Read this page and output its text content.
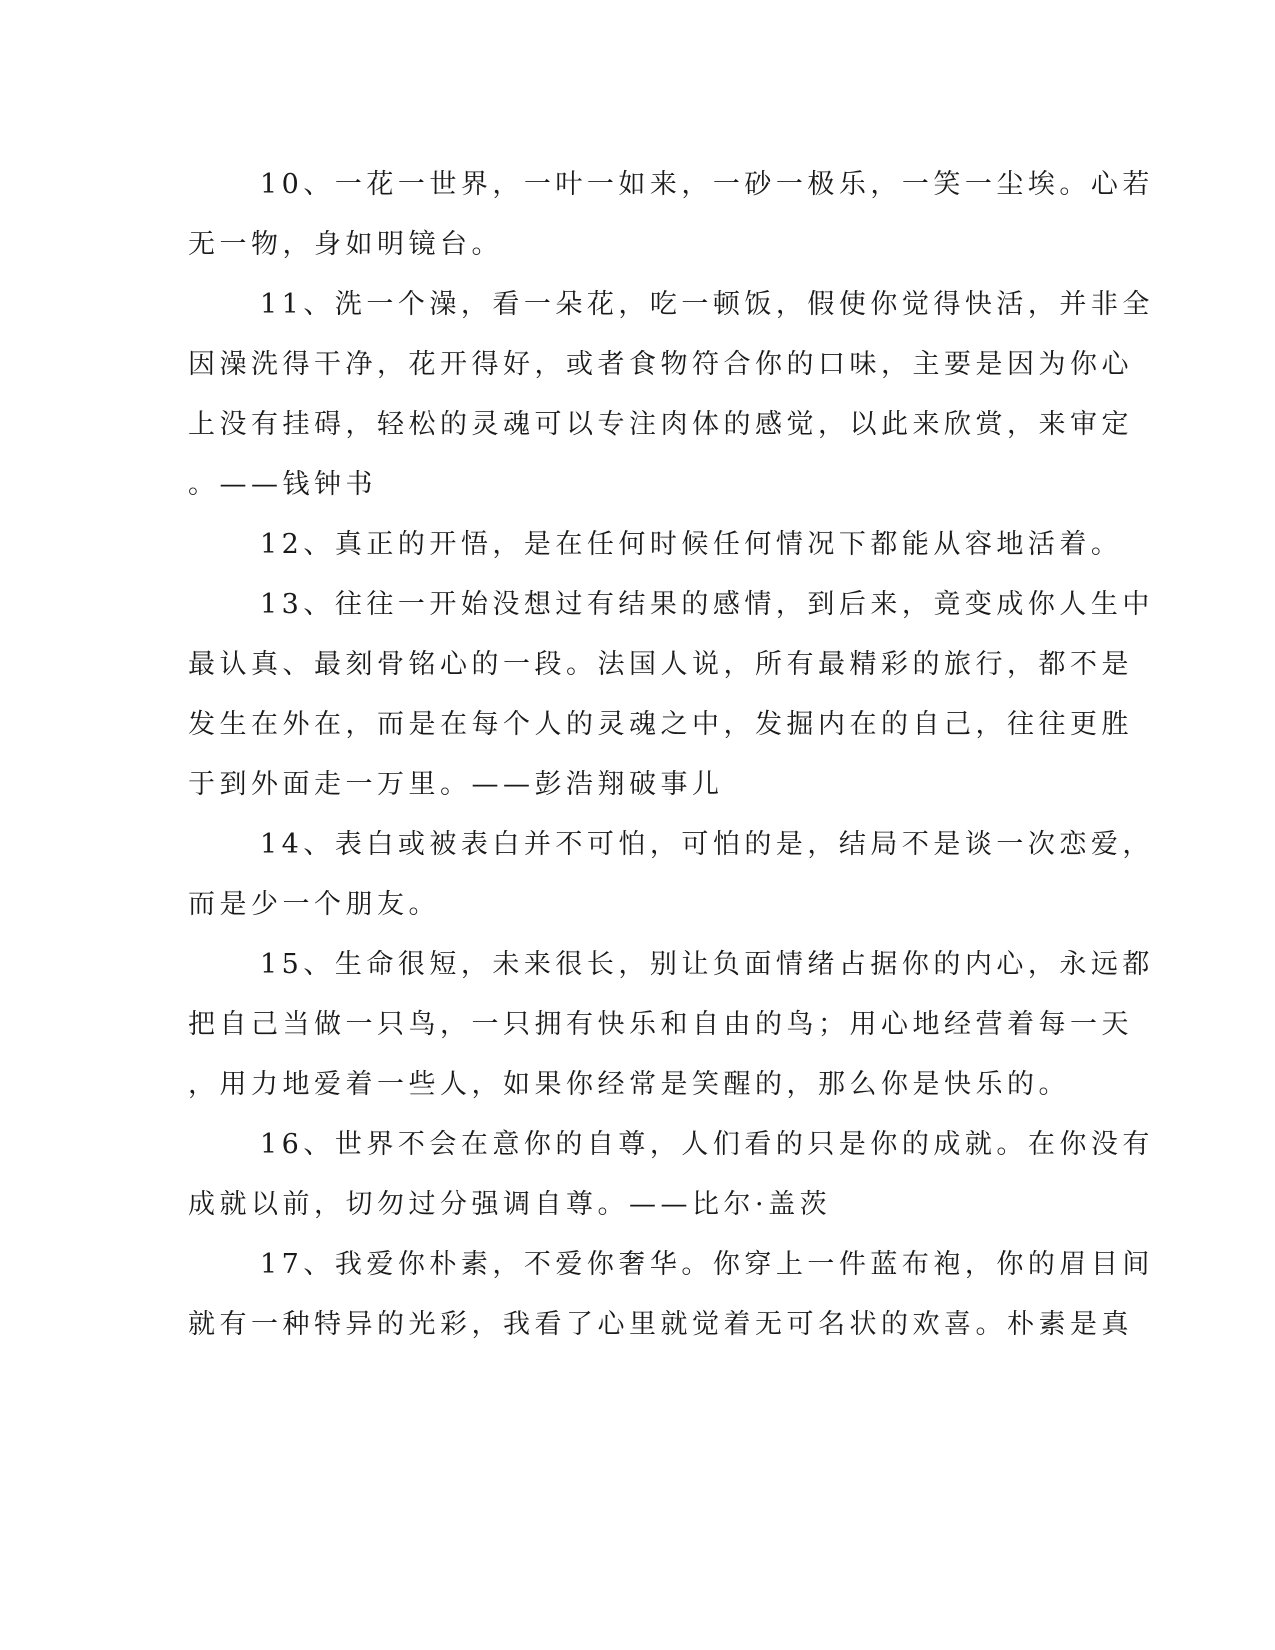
10、一花一世界，一叶一如来，一砂一极乐，一笑一尘埃。心若
无一物，身如明镜台。
11、洗一个澡，看一朵花，吃一顿饭，假使你觉得快活，并非全
因澡洗得干净，花开得好，或者食物符合你的口味，主要是因为你心
上没有挂碍，轻松的灵魂可以专注肉体的感觉，以此来欣赏，来审定
。——钱钟书
12、真正的开悟，是在任何时候任何情况下都能从容地活着。
13、往往一开始没想过有结果的感情，到后来，竟变成你人生中
最认真、最刻骨铭心的一段。法国人说，所有最精彩的旅行，都不是
发生在外在，而是在每个人的灵魂之中，发掘内在的自己，往往更胜
于到外面走一万里。——彭浩翔破事儿
14、表白或被表白并不可怕，可怕的是，结局不是谈一次恋爱，
而是少一个朋友。
15、生命很短，未来很长，别让负面情绪占据你的内心，永远都
把自己当做一只鸟，一只拥有快乐和自由的鸟；用心地经营着每一天
，用力地爱着一些人，如果你经常是笑醒的，那么你是快乐的。
16、世界不会在意你的自尊，人们看的只是你的成就。在你没有
成就以前，切勿过分强调自尊。——比尔·盖茨
17、我爱你朴素，不爱你奢华。你穿上一件蓝布袍，你的眉目间
就有一种特异的光彩，我看了心里就觉着无可名状的欢喜。朴素是真
